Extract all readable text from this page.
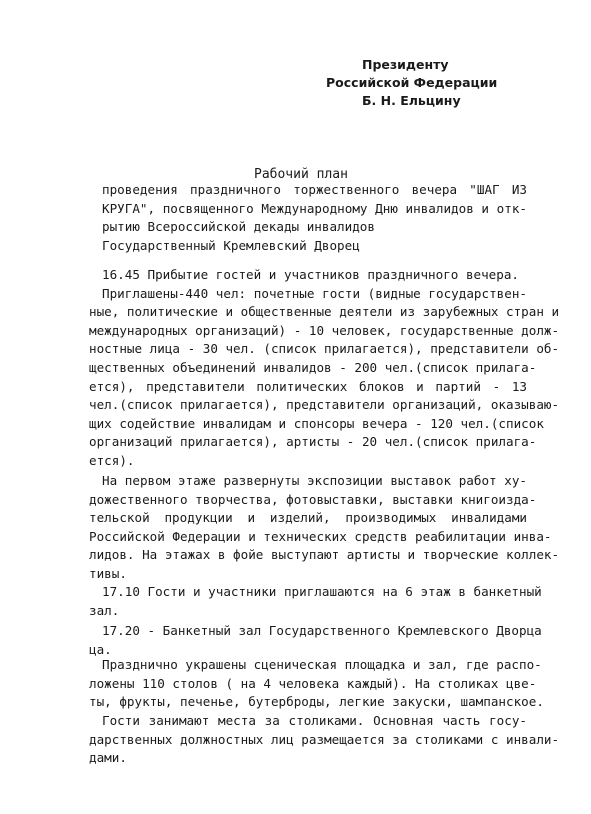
Президенту
Российской Федерации
Б. Н. Ельцину
Рабочий план
проведения праздничного торжественного вечера "ШАГ ИЗ
КРУГА", посвященного Международному Дню инвалидов и отк-
рытию Всероссийской декады инвалидов
Государственный Кремлевский Дворец
16.45 Прибытие гостей и участников праздничного вечера.
Приглашены-440 чел: почетные гости (видные государствен-
ные, политические и общественные деятели из зарубежных стран и
международных организаций) - 10 человек, государственные долж-
ностные лица - 30 чел. (список прилагается), представители об-
щественных объединений инвалидов - 200 чел.(список прилага-
ется), представители политических блоков и партий - 13
чел.(список прилагается), представители организаций, оказываю-
щих содействие инвалидам и спонсоры вечера - 120 чел.(список
организаций прилагается), артисты - 20 чел.(список прилага-
ется).
На первом этаже развернуты экспозиции выставок работ ху-
дожественного творчества, фотовыставки, выставки книгоизда-
тельской продукции и изделий, производимых инвалидами
Российской Федерации и технических средств реабилитации инва-
лидов. На этажах в фойе выступают артисты и творческие коллек-
тивы.
17.10 Гости и участники приглашаются на 6 этаж в банкетный
зал.
17.20 - Банкетный зал Государственного Кремлевского Дворца
ца.
Празднично украшены сценическая площадка и зал, где распо-
ложены 110 столов ( на 4 человека каждый). На столиках цве-
ты, фрукты, печенье, бутерброды, легкие закуски, шампанское.
Гости занимают места за столиками. Основная часть госу-
дарственных должностных лиц размещается за столиками с инвали-
дами.
